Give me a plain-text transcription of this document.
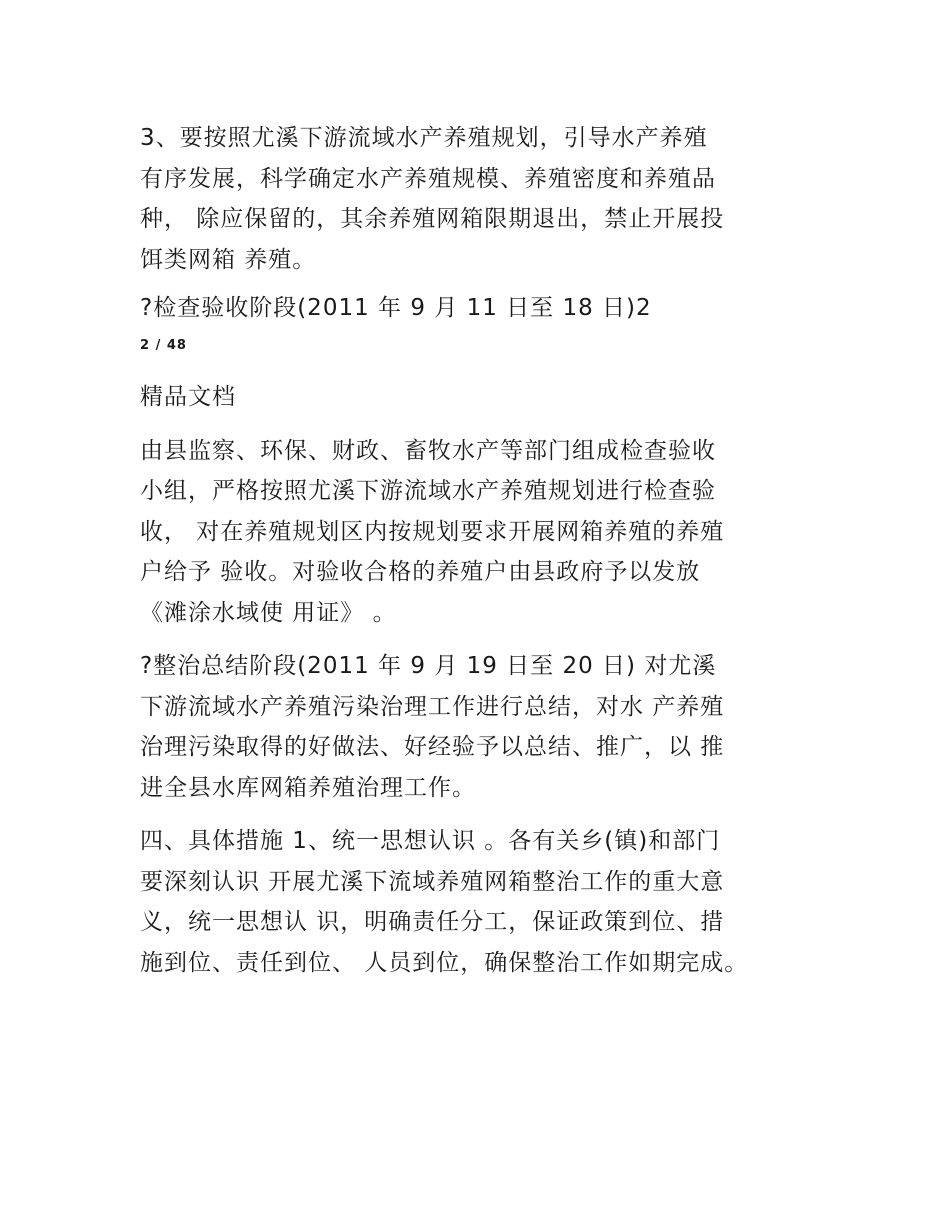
3、要按照尤溪下游流域水产养殖规划，引导水产养殖
有序发展，科学确定水产养殖规模、养殖密度和养殖品
种， 除应保留的，其余养殖网箱限期退出，禁止开展投
饵类网箱 养殖。
?检查验收阶段(2011 年 9 月 11 日至 18 日)2
2 / 48
精品文档
由县监察、环保、财政、畜牧水产等部门组成检查验收
小组，严格按照尤溪下游流域水产养殖规划进行检查验
收， 对在养殖规划区内按规划要求开展网箱养殖的养殖
户给予 验收。对验收合格的养殖户由县政府予以发放
《滩涂水域使 用证》 。
?整治总结阶段(2011 年 9 月 19 日至 20 日) 对尤溪
下游流域水产养殖污染治理工作进行总结，对水 产养殖
治理污染取得的好做法、好经验予以总结、推广，以 推
进全县水库网箱养殖治理工作。
四、具体措施 1、统一思想认识 。各有关乡(镇)和部门
要深刻认识 开展尤溪下流域养殖网箱整治工作的重大意
义，统一思想认 识，明确责任分工，保证政策到位、措
施到位、责任到位、 人员到位，确保整治工作如期完成。
